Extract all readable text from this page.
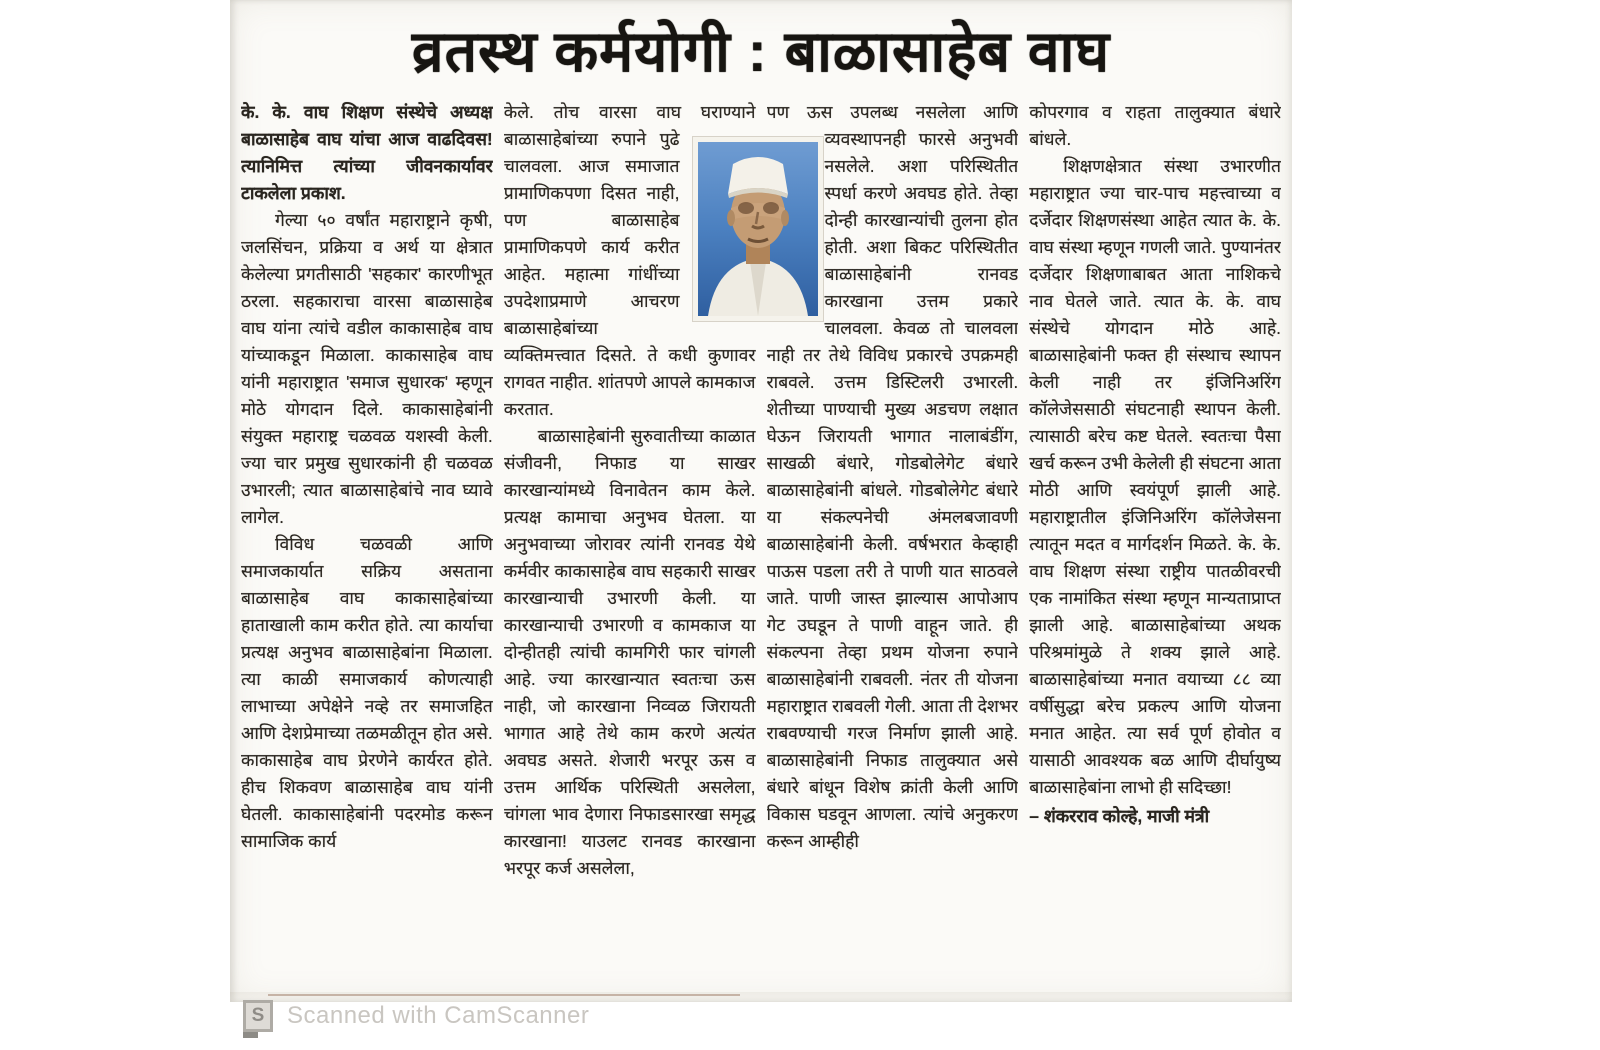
व्रतस्थ कर्मयोगी : बाळासाहेब वाघ

के. के. वाघ शिक्षण संस्थेचे अध्यक्ष बाळासाहेब वाघ यांचा आज वाढदिवस! त्यानिमित्त त्यांच्या जीवनकार्यावर टाकलेला प्रकाश.

गेल्या ५० वर्षांत महाराष्ट्राने कृषी, जलसिंचन, प्रक्रिया व अर्थ या क्षेत्रात केलेल्या प्रगतीसाठी 'सहकार' कारणीभूत ठरला. सहकाराचा वारसा बाळासाहेब वाघ यांना त्यांचे वडील काकासाहेब वाघ यांच्याकडून मिळाला. काकासाहेब वाघ यांनी महाराष्ट्रात 'समाज सुधारक' म्हणून मोठे योगदान दिले. काकासाहेबांनी संयुक्त महाराष्ट्र चळवळ यशस्वी केली. ज्या चार प्रमुख सुधारकांनी ही चळवळ उभारली; त्यात बाळासाहेबांचे नाव घ्यावे लागेल.

विविध चळवळी आणि समाजकार्यात सक्रिय असताना बाळासाहेब वाघ काकासाहेबांच्या हाताखाली काम करीत होते. त्या कार्याचा प्रत्यक्ष अनुभव बाळासाहेबांना मिळाला. त्या काळी समाजकार्य कोणत्याही लाभाच्या अपेक्षेने नव्हे तर समाजहित आणि देशप्रेमाच्या तळमळीतून होत असे. काकासाहेब वाघ प्रेरणेने कार्यरत होते. हीच शिकवण बाळासाहेब वाघ यांनी घेतली. काकासाहेबांनी पदरमोड करून सामाजिक कार्य

केले. तोच वारसा वाघ घराण्याने बाळासाहेबांच्या रुपाने पुढे चालवला. आज समाजात प्रामाणिकपणा दिसत नाही, पण बाळासाहेब प्रामाणिकपणे कार्य करीत आहेत. महात्मा गांधींच्या उपदेशाप्रमाणे आचरण बाळासाहेबांच्या व्यक्तिमत्त्वात दिसते. ते कधी कुणावर रागवत नाहीत. शांतपणे आपले कामकाज करतात.

बाळासाहेबांनी सुरुवातीच्या काळात संजीवनी, निफाड या साखर कारखान्यांमध्ये विनावेतन काम केले. प्रत्यक्ष कामाचा अनुभव घेतला. या अनुभवाच्या जोरावर त्यांनी रानवड येथे कर्मवीर काकासाहेब वाघ सहकारी साखर कारखान्याची उभारणी केली. या कारखान्याची उभारणी व कामकाज या दोन्हीतही त्यांची कामगिरी फार चांगली आहे. ज्या कारखान्यात स्वतःचा ऊस नाही, जो कारखाना निव्वळ जिरायती भागात आहे तेथे काम करणे अत्यंत अवघड असते. शेजारी भरपूर ऊस व उत्तम आर्थिक परिस्थिती असलेला, चांगला भाव देणारा निफाडसारखा समृद्ध कारखाना! याउलट रानवड कारखाना भरपूर कर्ज असलेला,

पण ऊस उपलब्ध नसलेला आणि व्यवस्थापनही फारसे अनुभवी नसलेले. अशा परिस्थितीत स्पर्धा करणे अवघड होते. तेव्हा दोन्ही कारखान्यांची तुलना होत होती. अशा बिकट परिस्थितीत बाळासाहेबांनी रानवड कारखाना उत्तम प्रकारे चालवला. केवळ तो चालवला नाही तर तेथे विविध प्रकारचे उपक्रमही राबवले. उत्तम डिस्टिलरी उभारली. शेतीच्या पाण्याची मुख्य अडचण लक्षात घेऊन जिरायती भागात नालाबंडींग, साखळी बंधारे, गोडबोलेगेट बंधारे बाळासाहेबांनी बांधले. गोडबोलेगेट बंधारे या संकल्पनेची अंमलबजावणी बाळासाहेबांनी केली. वर्षभरात केव्हाही पाऊस पडला तरी ते पाणी यात साठवले जाते. पाणी जास्त झाल्यास आपोआप गेट उघडून ते पाणी वाहून जाते. ही संकल्पना तेव्हा प्रथम योजना रुपाने बाळासाहेबांनी राबवली. नंतर ती योजना महाराष्ट्रात राबवली गेली. आता ती देशभर राबवण्याची गरज निर्माण झाली आहे. बाळासाहेबांनी निफाड तालुक्यात असे बंधारे बांधून विशेष क्रांती केली आणि विकास घडवून आणला. त्यांचे अनुकरण करून आम्हीही

कोपरगाव व राहता तालुक्यात बंधारे बांधले.

शिक्षणक्षेत्रात संस्था उभारणीत महाराष्ट्रात ज्या चार-पाच महत्त्वाच्या व दर्जेदार शिक्षणसंस्था आहेत त्यात के. के. वाघ संस्था म्हणून गणली जाते. पुण्यानंतर दर्जेदार शिक्षणाबाबत आता नाशिकचे नाव घेतले जाते. त्यात के. के. वाघ संस्थेचे योगदान मोठे आहे. बाळासाहेबांनी फक्त ही संस्थाच स्थापन केली नाही तर इंजिनिअरिंग कॉलेजेससाठी संघटनाही स्थापन केली. त्यासाठी बरेच कष्ट घेतले. स्वतःचा पैसा खर्च करून उभी केलेली ही संघटना आता मोठी आणि स्वयंपूर्ण झाली आहे. महाराष्ट्रातील इंजिनिअरिंग कॉलेजेसना त्यातून मदत व मार्गदर्शन मिळते. के. के. वाघ शिक्षण संस्था राष्ट्रीय पातळीवरची एक नामांकित संस्था म्हणून मान्यताप्राप्त झाली आहे. बाळासाहेबांच्या अथक परिश्रमांमुळे ते शक्य झाले आहे. बाळासाहेबांच्या मनात वयाच्या ८८ व्या वर्षीसुद्धा बरेच प्रकल्प आणि योजना मनात आहेत. त्या सर्व पूर्ण होवोत व यासाठी आवश्यक बळ आणि दीर्घायुष्य बाळासाहेबांना लाभो ही सदिच्छा!

– शंकरराव कोल्हे, माजी मंत्री

S Scanned with CamScanner
